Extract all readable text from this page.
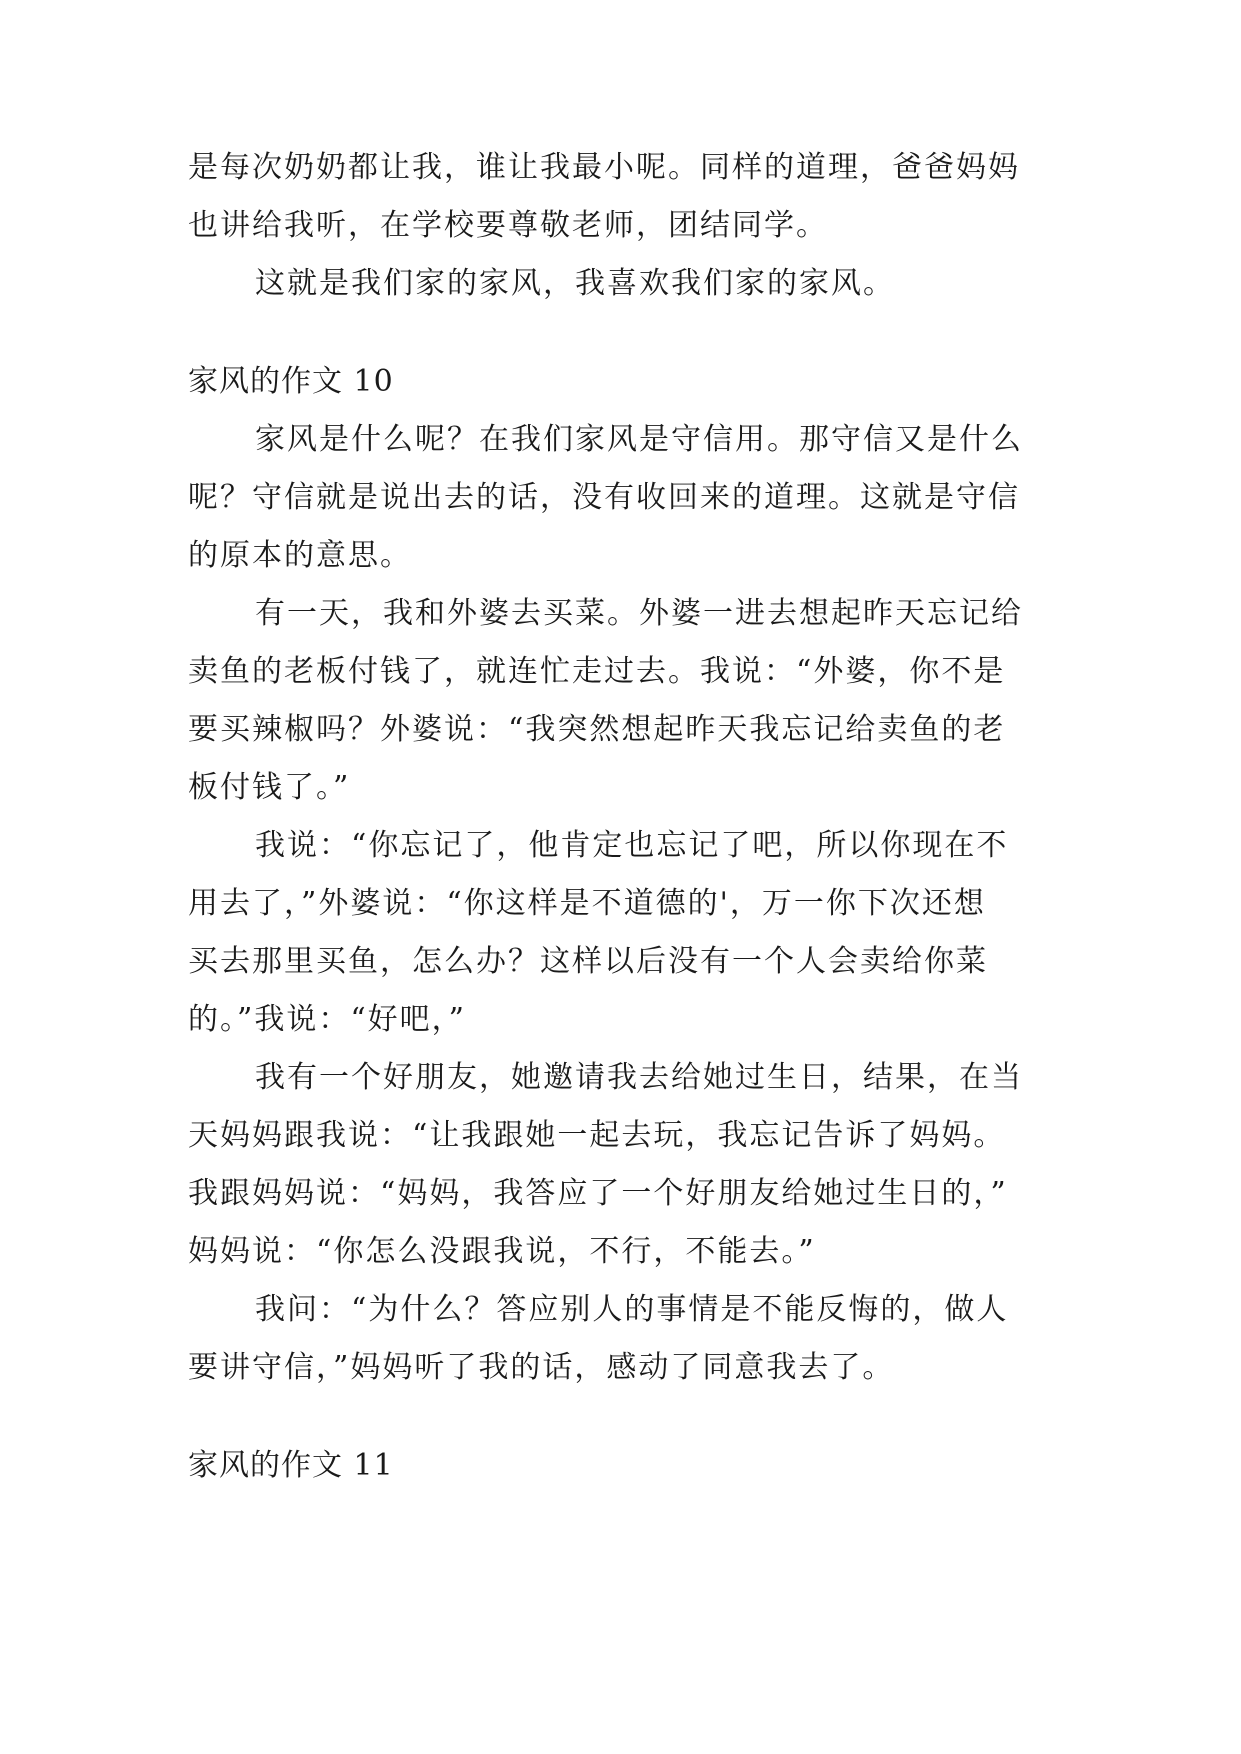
是每次奶奶都让我，谁让我最小呢。同样的道理，爸爸妈妈
也讲给我听，在学校要尊敬老师，团结同学。
这就是我们家的家风，我喜欢我们家的家风。
家风的作文 10
家风是什么呢？在我们家风是守信用。那守信又是什么
呢？守信就是说出去的话，没有收回来的道理。这就是守信
的原本的意思。
有一天，我和外婆去买菜。外婆一进去想起昨天忘记给
卖鱼的老板付钱了，就连忙走过去。我说：“外婆，你不是
要买辣椒吗？外婆说：“我突然想起昨天我忘记给卖鱼的老
板付钱了。”
我说：“你忘记了，他肯定也忘记了吧，所以你现在不
用去了，”外婆说：“你这样是不道德的'，万一你下次还想
买去那里买鱼，怎么办？这样以后没有一个人会卖给你菜
的。”我说：“好吧，”
我有一个好朋友，她邀请我去给她过生日，结果，在当
天妈妈跟我说：“让我跟她一起去玩，我忘记告诉了妈妈。
我跟妈妈说：“妈妈，我答应了一个好朋友给她过生日的，”
妈妈说：“你怎么没跟我说，不行，不能去。”
我问：“为什么？答应别人的事情是不能反悔的，做人
要讲守信，”妈妈听了我的话，感动了同意我去了。
家风的作文 11
